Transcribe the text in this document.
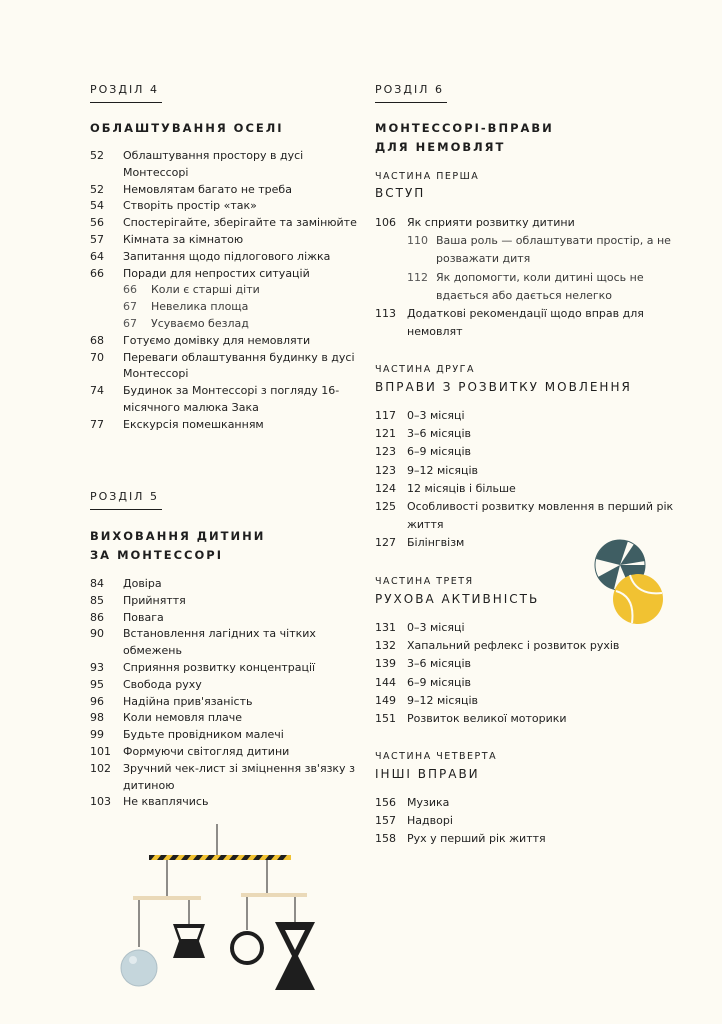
РОЗДІЛ 4
ОБЛАШТУВАННЯ ОСЕЛІ
52	Облаштування простору в дусі Монтессорі
52	Немовлятам багато не треба
54	Створіть простір «так»
56	Спостерігайте, зберігайте та замінюйте
57	Кімната за кімнатою
64	Запитання щодо підлогового ліжка
66	Поради для непростих ситуацій
66	Коли є старші діти
67	Невелика площа
67	Усуваємо безлад
68	Готуємо домівку для немовляти
70	Переваги облаштування будинку в дусі Монтессорі
74	Будинок за Монтессорі з погляду 16-місячного малюка Зака
77	Екскурсія помешканням
РОЗДІЛ 5
ВИХОВАННЯ ДИТИНИ ЗА МОНТЕССОРІ
84	Довіра
85	Прийняття
86	Повага
90	Встановлення лагідних та чітких обмежень
93	Сприяння розвитку концентрації
95	Свобода руху
96	Надійна прив'язаність
98	Коли немовля плаче
99	Будьте провідником малечі
101	Формуючи світогляд дитини
102	Зручний чек-лист зі зміцнення зв'язку з дитиною
103	Не кваплячись
РОЗДІЛ 6
МОНТЕССОРІ-ВПРАВИ ДЛЯ НЕМОВЛЯТ
ЧАСТИНА ПЕРША
ВСТУП
106	Як сприяти розвитку дитини
110 Ваша роль — облаштувати простір, а не розважати дитя
112 Як допомогти, коли дитині щось не вдається або дається нелегко
113	Додаткові рекомендації щодо вправ для немовлят
ЧАСТИНА ДРУГА
ВПРАВИ З РОЗВИТКУ МОВЛЕННЯ
117	0–3 місяці
121	3–6 місяців
123	6–9 місяців
123	9–12 місяців
124	12 місяців і більше
125	Особливості розвитку мовлення в перший рік життя
127	Білінгвізм
ЧАСТИНА ТРЕТЯ
РУХОВА АКТИВНІСТЬ
131	0–3 місяці
132	Хапальний рефлекс і розвиток рухів
139	3–6 місяців
144	6–9 місяців
149	9–12 місяців
151	Розвиток великої моторики
ЧАСТИНА ЧЕТВЕРТА
ІНШІ ВПРАВИ
156	Музика
157	Надворі
158	Рух у перший рік життя
